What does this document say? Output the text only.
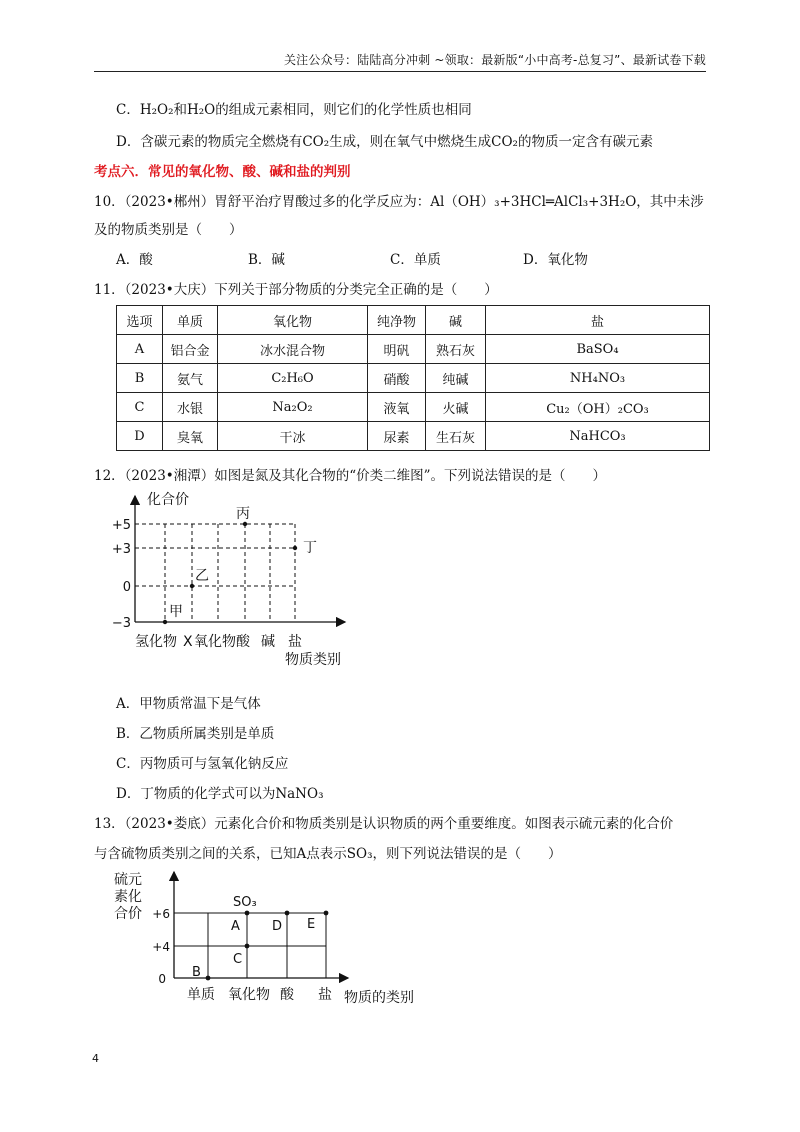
关注公众号：陆陆高分冲刺 ~领取：最新版“小中高考-总复习”、最新试卷下载
C．H₂O₂和H₂O的组成元素相同，则它们的化学性质也相同
D．含碳元素的物质完全燃烧有CO₂生成，则在氧气中燃烧生成CO₂的物质一定含有碳元素
考点六．常见的氧化物、酸、碱和盐的判别
10．（2023•郴州）胃舒平治疗胃酸过多的化学反应为：Al（OH）₃+3HCl═AlCl₃+3H₂O，其中未涉
及的物质类别是（　　）
A．酸	B．碱	C．单质	D．氧化物
11．（2023•大庆）下列关于部分物质的分类完全正确的是（　　）
选项	单质	氧化物	纯净物	碱	盐
A	铝合金	冰水混合物	明矾	熟石灰	BaSO₄
B	氨气	C₂H₆O	硝酸	纯碱	NH₄NO₃
C	水银	Na₂O₂	液氧	火碱	Cu₂（OH）₂CO₃
D	臭氧	干冰	尿素	生石灰	NaHCO₃
12．（2023•湘潭）如图是氮及其化合物的“价类二维图”。下列说法错误的是（　　）
化合价
+5
+3
0
−3
氢化物 X 氧化物 酸 碱 盐
物质类别
甲
乙
丙
丁
A．甲物质常温下是气体
B．乙物质所属类别是单质
C．丙物质可与氢氧化钠反应
D．丁物质的化学式可以为NaNO₃
13．（2023•娄底）元素化合价和物质类别是认识物质的两个重要维度。如图表示硫元素的化合价
与含硫物质类别之间的关系，已知A点表示SO₃，则下列说法错误的是（　　）
硫元
素化
合价 +6
+4
0
SO₃
单质 氧化物 酸 盐 物质的类别
A
B
C
D E
4
